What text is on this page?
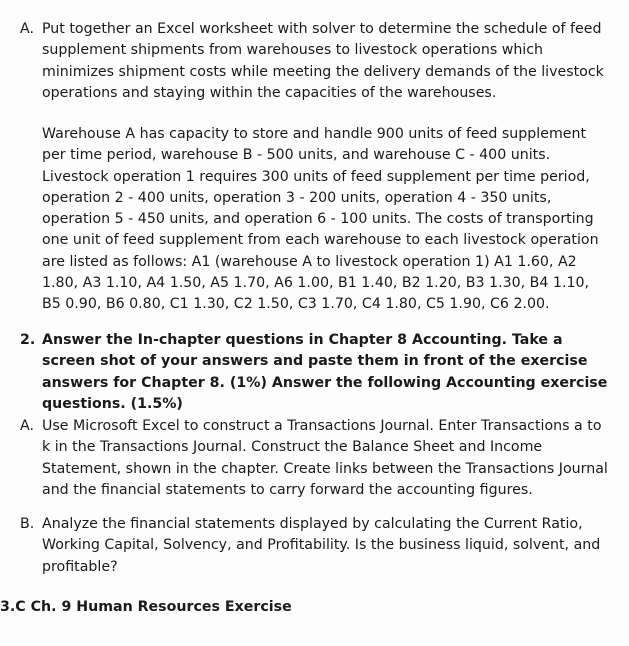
A. Put together an Excel worksheet with solver to determine the schedule of feed supplement shipments from warehouses to livestock operations which minimizes shipment costs while meeting the delivery demands of the livestock operations and staying within the capacities of the warehouses.
Warehouse A has capacity to store and handle 900 units of feed supplement per time period, warehouse B - 500 units, and warehouse C - 400 units. Livestock operation 1 requires 300 units of feed supplement per time period, operation 2 - 400 units, operation 3 - 200 units, operation 4 - 350 units, operation 5 - 450 units, and operation 6 - 100 units. The costs of transporting one unit of feed supplement from each warehouse to each livestock operation are listed as follows: A1 (warehouse A to livestock operation 1) A1 1.60, A2 1.80, A3 1.10, A4 1.50, A5 1.70, A6 1.00, B1 1.40, B2 1.20, B3 1.30, B4 1.10, B5 0.90, B6 0.80, C1 1.30, C2 1.50, C3 1.70, C4 1.80, C5 1.90, C6 2.00.
2. Answer the In-chapter questions in Chapter 8 Accounting. Take a screen shot of your answers and paste them in front of the exercise answers for Chapter 8. (1%) Answer the following Accounting exercise questions. (1.5%)
A. Use Microsoft Excel to construct a Transactions Journal. Enter Transactions a to k in the Transactions Journal. Construct the Balance Sheet and Income Statement, shown in the chapter. Create links between the Transactions Journal and the financial statements to carry forward the accounting figures.
B. Analyze the financial statements displayed by calculating the Current Ratio, Working Capital, Solvency, and Profitability. Is the business liquid, solvent, and profitable?
3.C Ch. 9 Human Resources Exercise
